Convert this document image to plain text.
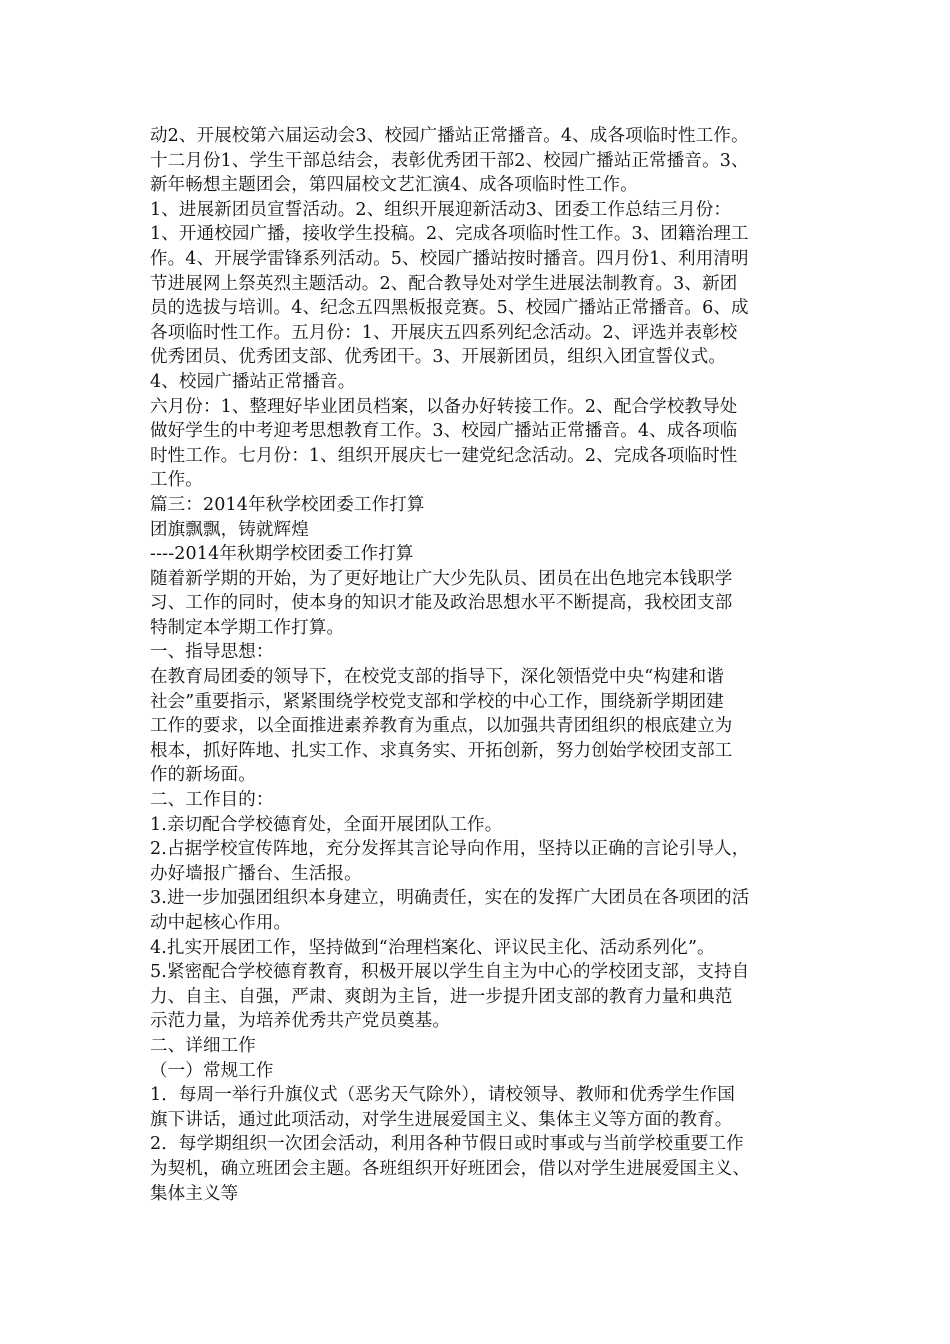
动2、开展校第六届运动会3、校园广播站正常播音。4、成各项临时性工作。
十二月份1、学生干部总结会，表彰优秀团干部2、校园广播站正常播音。3、
新年畅想主题团会，第四届校文艺汇演4、成各项临时性工作。
1、进展新团员宣誓活动。2、组织开展迎新活动3、团委工作总结三月份：
1、开通校园广播，接收学生投稿。2、完成各项临时性工作。3、团籍治理工
作。4、开展学雷锋系列活动。5、校园广播站按时播音。四月份1、利用清明
节进展网上祭英烈主题活动。2、配合教导处对学生进展法制教育。3、新团
员的选拔与培训。4、纪念五四黑板报竞赛。5、校园广播站正常播音。6、成
各项临时性工作。五月份：1、开展庆五四系列纪念活动。2、评选并表彰校
优秀团员、优秀团支部、优秀团干。3、开展新团员，组织入团宣誓仪式。
4、校园广播站正常播音。
六月份：1、整理好毕业团员档案，以备办好转接工作。2、配合学校教导处
做好学生的中考迎考思想教育工作。3、校园广播站正常播音。4、成各项临
时性工作。七月份：1、组织开展庆七一建党纪念活动。2、完成各项临时性
工作。
篇三：2014年秋学校团委工作打算
团旗飘飘，铸就辉煌
----2014年秋期学校团委工作打算
随着新学期的开始，为了更好地让广大少先队员、团员在出色地完本钱职学
习、工作的同时，使本身的知识才能及政治思想水平不断提高，我校团支部
特制定本学期工作打算。
一、指导思想：
在教育局团委的领导下，在校党支部的指导下，深化领悟党中央“构建和谐
社会”重要指示，紧紧围绕学校党支部和学校的中心工作，围绕新学期团建
工作的要求，以全面推进素养教育为重点，以加强共青团组织的根底建立为
根本，抓好阵地、扎实工作、求真务实、开拓创新，努力创始学校团支部工
作的新场面。
二、工作目的：
1.亲切配合学校德育处，全面开展团队工作。
2.占据学校宣传阵地，充分发挥其言论导向作用，坚持以正确的言论引导人，
办好墙报广播台、生活报。
3.进一步加强团组织本身建立，明确责任，实在的发挥广大团员在各项团的活
动中起核心作用。
4.扎实开展团工作，坚持做到“治理档案化、评议民主化、活动系列化”。
5.紧密配合学校德育教育，积极开展以学生自主为中心的学校团支部，支持自
力、自主、自强，严肃、爽朗为主旨，进一步提升团支部的教育力量和典范
示范力量，为培养优秀共产党员奠基。
二、详细工作
（一）常规工作
1．每周一举行升旗仪式（恶劣天气除外），请校领导、教师和优秀学生作国
旗下讲话，通过此项活动，对学生进展爱国主义、集体主义等方面的教育。
2．每学期组织一次团会活动，利用各种节假日或时事或与当前学校重要工作
为契机，确立班团会主题。各班组织开好班团会，借以对学生进展爱国主义、
集体主义等
